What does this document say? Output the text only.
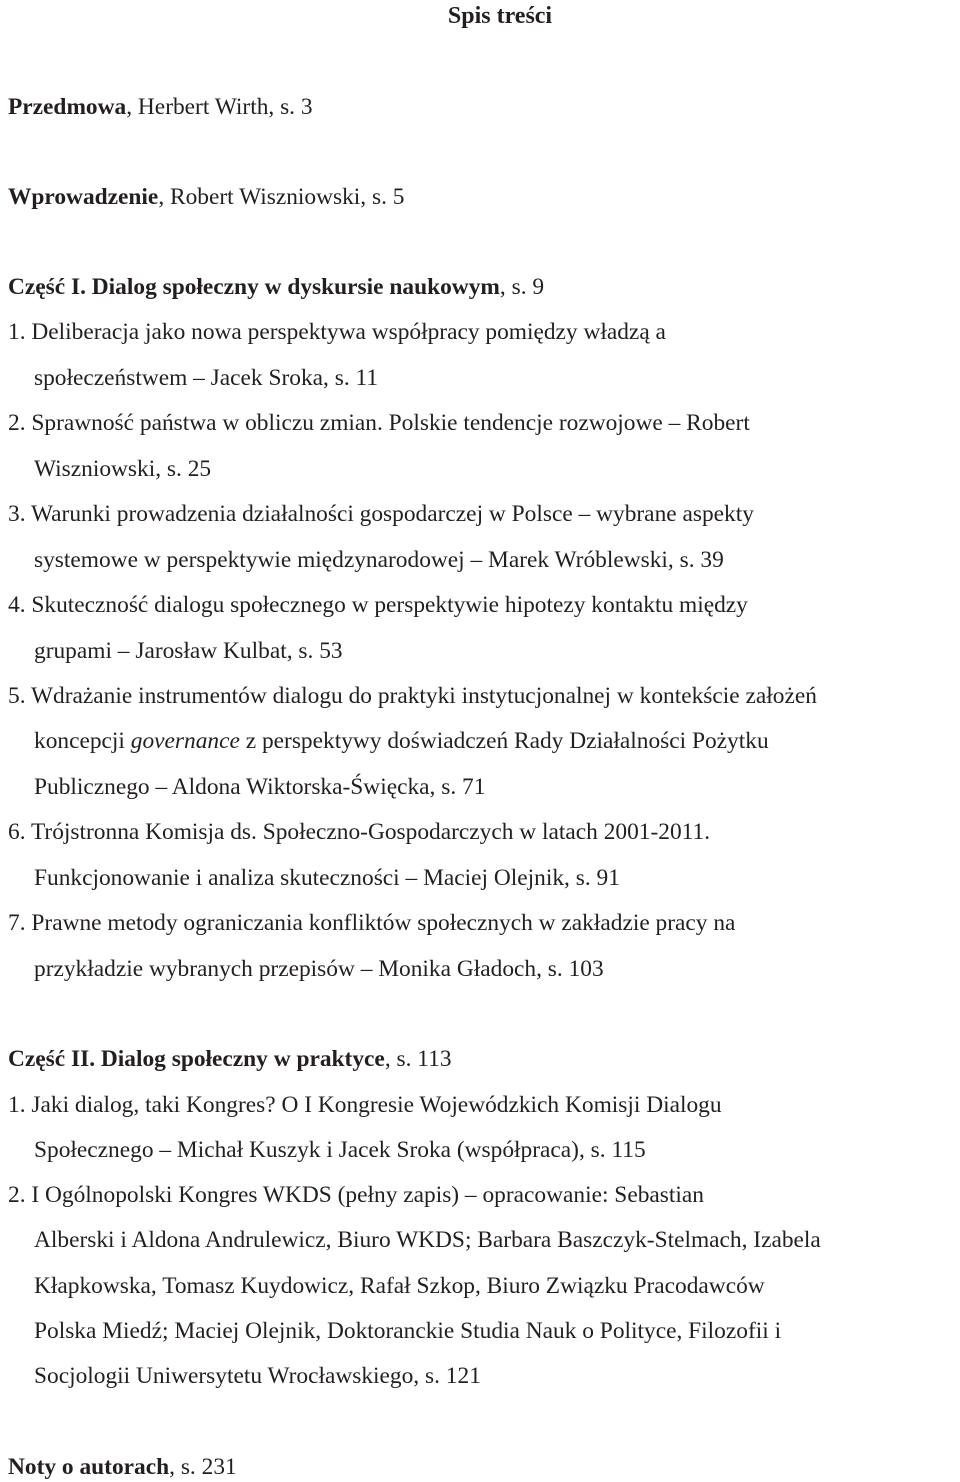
Spis treści
Przedmowa, Herbert Wirth, s. 3
Wprowadzenie, Robert Wiszniowski, s. 5
Część I. Dialog społeczny w dyskursie naukowym, s. 9
1. Deliberacja jako nowa perspektywa współpracy pomiędzy władzą a
społeczeństwem – Jacek Sroka, s. 11
2. Sprawność państwa w obliczu zmian. Polskie tendencje rozwojowe – Robert
Wiszniowski, s. 25
3. Warunki prowadzenia działalności gospodarczej w Polsce – wybrane aspekty
systemowe w perspektywie międzynarodowej – Marek Wróblewski, s. 39
4. Skuteczność dialogu społecznego w perspektywie hipotezy kontaktu między
grupami – Jarosław Kulbat, s. 53
5. Wdrażanie instrumentów dialogu do praktyki instytucjonalnej w kontekście założeń
koncepcji governance z perspektywy doświadczeń Rady Działalności Pożytku
Publicznego – Aldona Wiktorska-Święcka, s. 71
6. Trójstronna Komisja ds. Społeczno-Gospodarczych w latach 2001-2011.
Funkcjonowanie i analiza skuteczności – Maciej Olejnik, s. 91
7. Prawne metody ograniczania konfliktów społecznych w zakładzie pracy na
przykładzie wybranych przepisów – Monika Gładoch, s. 103
Część II. Dialog społeczny w praktyce, s. 113
1. Jaki dialog, taki Kongres? O I Kongresie Wojewódzkich Komisji Dialogu
Społecznego – Michał Kuszyk i Jacek Sroka (współpraca), s. 115
2. I Ogólnopolski Kongres WKDS (pełny zapis) – opracowanie: Sebastian
Alberski i Aldona Andrulewicz, Biuro WKDS; Barbara Baszczyk-Stelmach, Izabela
Kłapkowska, Tomasz Kuydowicz, Rafał Szkop, Biuro Związku Pracodawców
Polska Miedź; Maciej Olejnik, Doktoranckie Studia Nauk o Polityce, Filozofii i
Socjologii Uniwersytetu Wrocławskiego, s. 121
Noty o autorach, s. 231
